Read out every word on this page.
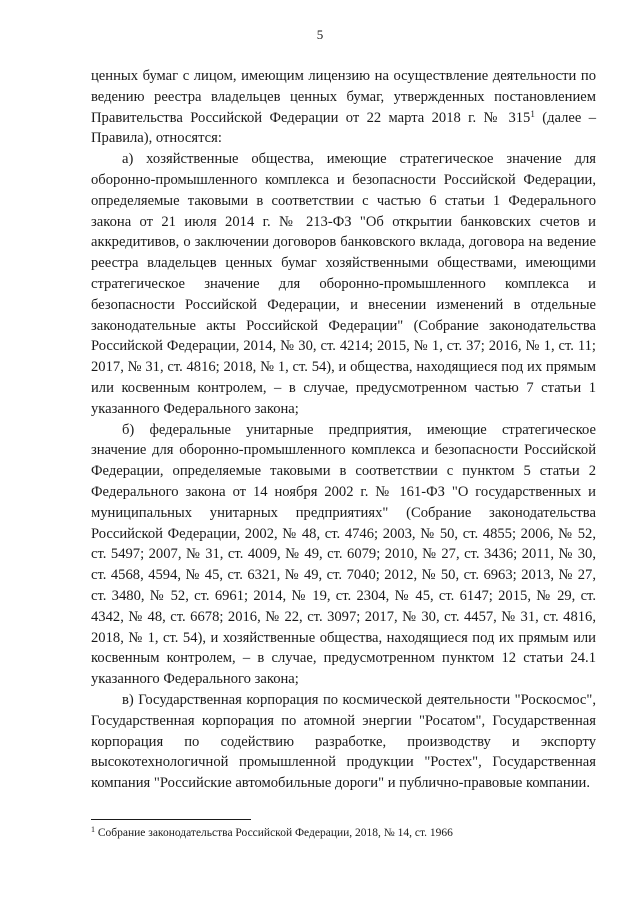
5

ценных бумаг с лицом, имеющим лицензию на осуществление деятельности по ведению реестра владельцев ценных бумаг, утвержденных постановлением Правительства Российской Федерации от 22 марта 2018 г. № $315^1$ (далее – Правила), относятся:

а) хозяйственные общества, имеющие стратегическое значение для оборонно-промышленного комплекса и безопасности Российской Федерации, определяемые таковыми в соответствии с частью 6 статьи 1 Федерального закона от 21 июля 2014 г. № 213-ФЗ "Об открытии банковских счетов и аккредитивов, о заключении договоров банковского вклада, договора на ведение реестра владельцев ценных бумаг хозяйственными обществами, имеющими стратегическое значение для оборонно-промышленного комплекса и безопасности Российской Федерации, и внесении изменений в отдельные законодательные акты Российской Федерации" (Собрание законодательства Российской Федерации, 2014, № 30, ст. 4214; 2015, № 1, ст. 37; 2016, № 1, ст. 11; 2017, № 31, ст. 4816; 2018, № 1, ст. 54), и общества, находящиеся под их прямым или косвенным контролем, – в случае, предусмотренном частью 7 статьи 1 указанного Федерального закона;

б) федеральные унитарные предприятия, имеющие стратегическое значение для оборонно-промышленного комплекса и безопасности Российской Федерации, определяемые таковыми в соответствии с пунктом 5 статьи 2 Федерального закона от 14 ноября 2002 г. № 161-ФЗ "О государственных и муниципальных унитарных предприятиях" (Собрание законодательства Российской Федерации, 2002, № 48, ст. 4746; 2003, № 50, ст. 4855; 2006, № 52, ст. 5497; 2007, № 31, ст. 4009, № 49, ст. 6079; 2010, № 27, ст. 3436; 2011, № 30, ст. 4568, 4594, № 45, ст. 6321, № 49, ст. 7040; 2012, № 50, ст. 6963; 2013, № 27, ст. 3480, № 52, ст. 6961; 2014, № 19, ст. 2304, № 45, ст. 6147; 2015, № 29, ст. 4342, № 48, ст. 6678; 2016, № 22, ст. 3097; 2017, № 30, ст. 4457, № 31, ст. 4816, 2018, № 1, ст. 54), и хозяйственные общества, находящиеся под их прямым или косвенным контролем, – в случае, предусмотренном пунктом 12 статьи 24.1 указанного Федерального закона;

в) Государственная корпорация по космической деятельности "Роскосмос", Государственная корпорация по атомной энергии "Росатом", Государственная корпорация по содействию разработке, производству и экспорту высокотехнологичной промышленной продукции "Ростех", Государственная компания "Российские автомобильные дороги" и публично-правовые компании.

$^1$ Собрание законодательства Российской Федерации, 2018, № 14, ст. 1966
